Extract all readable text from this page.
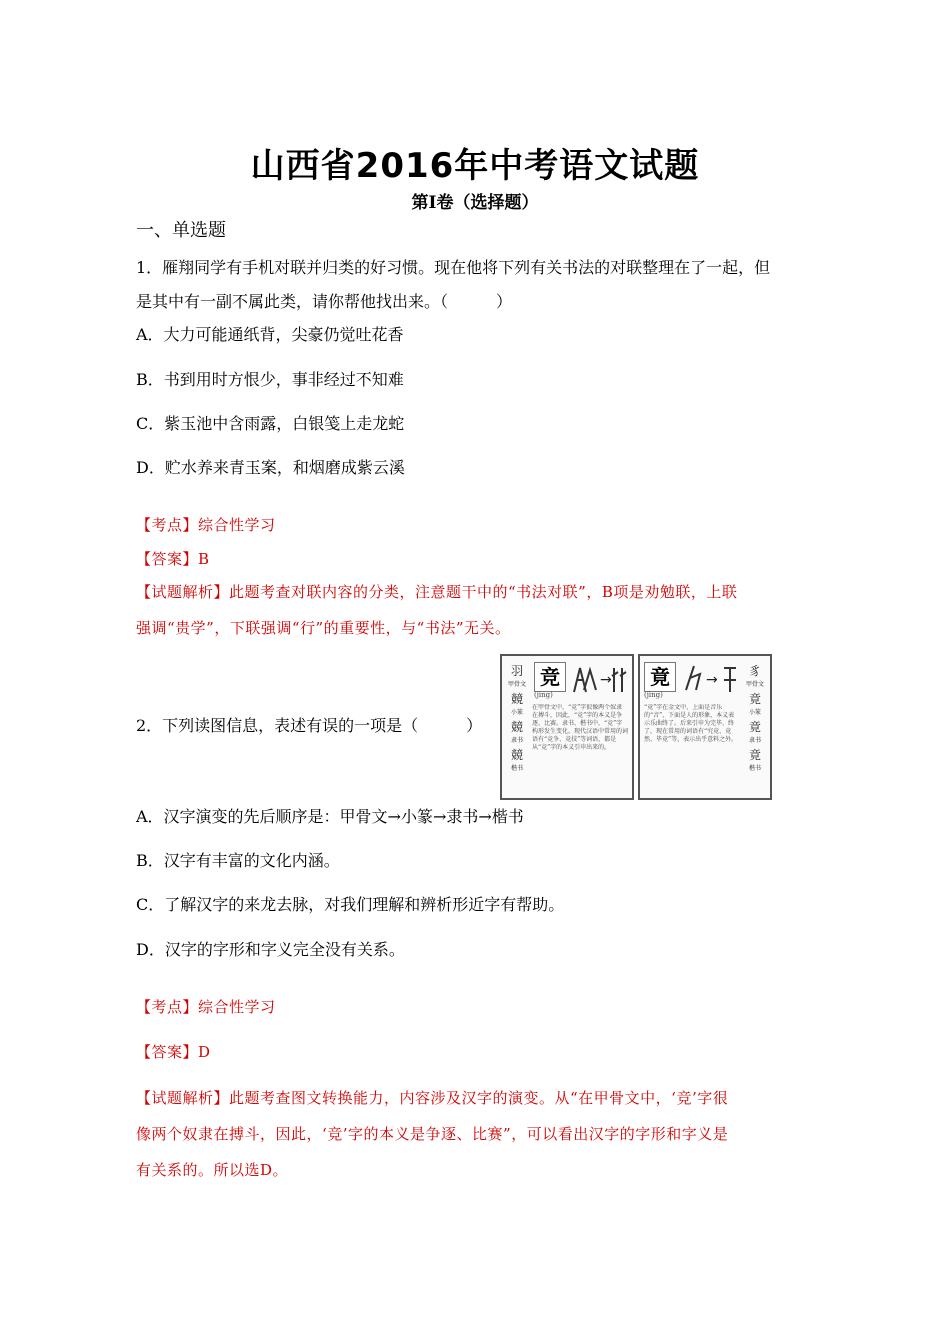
山西省2016年中考语文试题
第I卷（选择题）
一、单选题
1．雁翔同学有手机对联并归类的好习惯。现在他将下列有关书法的对联整理在了一起，但
是其中有一副不属此类，请你帮他找出来。（　　　）
A．大力可能通纸背，尖豪仍觉吐花香
B．书到用时方恨少，事非经过不知难
C．紫玉池中含雨露，白银笺上走龙蛇
D．贮水养来青玉案，和烟磨成紫云溪
【考点】综合性学习
【答案】B
【试题解析】此题考查对联内容的分类，注意题干中的“书法对联”，B项是劝勉联，上联
强调“贵学”，下联强调“行”的重要性，与“书法”无关。
2．下列读图信息，表述有误的一项是（　　　）
羽
甲骨文
竸
小篆
競
隶书
競
楷书
竞
(jìng)
→
在甲骨文中，“竞”字很像两个奴隶在搏斗，因此，“竞”字的本义是争逐、比赛。隶书、楷书中，“竞”字构形发生变化。现代汉语中常用的词语有“竞争、竞技”等词语，都是从“竞”字的本义引申出来的。
竟
(jìng)
→
豸
甲骨文
竟
小篆
竟
隶书
竟
楷书
“竟”字在金文中，上面是音乐的“音”，下面是人的形象，本义表示乐曲终了。后来引申为完毕、终了，现在常用的词语有“究竟、竟然、毕竟”等，表示出乎意料之外。
A．汉字演变的先后顺序是：甲骨文→小篆→隶书→楷书
B．汉字有丰富的文化内涵。
C．了解汉字的来龙去脉，对我们理解和辨析形近字有帮助。
D．汉字的字形和字义完全没有关系。
【考点】综合性学习
【答案】D
【试题解析】此题考查图文转换能力，内容涉及汉字的演变。从“在甲骨文中，‘竞’字很
像两个奴隶在搏斗，因此，‘竞’字的本义是争逐、比赛”，可以看出汉字的字形和字义是
有关系的。所以选D。
